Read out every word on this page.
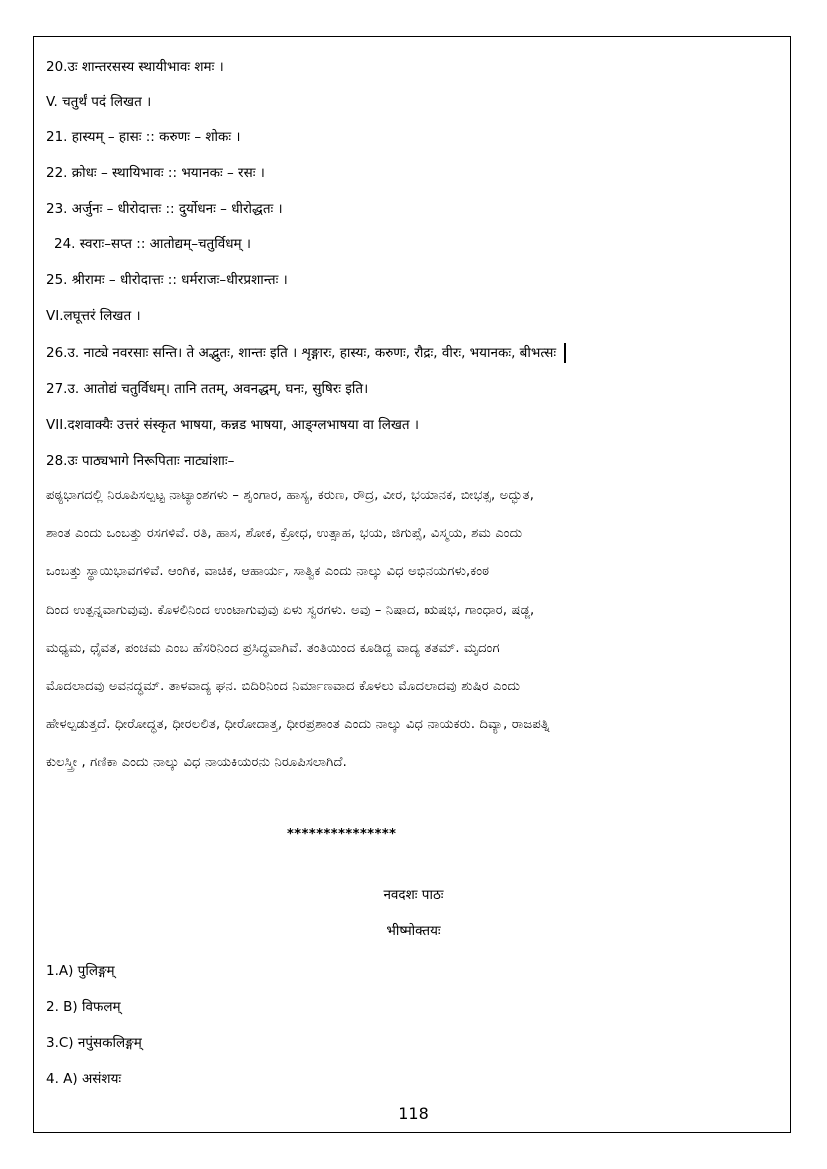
20.उः शान्तरसस्य स्थायीभावः शमः ।
V. चतुर्थं पदं लिखत ।
21. हास्यम् – हासः :: करुणः – शोकः ।
22. क्रोधः – स्थायिभावः :: भयानकः – रसः ।
23. अर्जुनः – धीरोदात्तः :: दुर्योधनः – धीरोद्धतः ।
24. स्वराः–सप्त :: आतोद्यम्–चतुर्विधम् ।
25. श्रीरामः – धीरोदात्तः :: धर्मराजः–धीरप्रशान्तः ।
VI.लघूत्तरं लिखत ।
26.उ. नाट्ये नवरसाः सन्ति। ते अद्भुतः, शान्तः इति । शृङ्गारः, हास्यः, करुणः, रौद्रः, वीरः, भयानकः, बीभत्सः
27.उ. आतोद्यं चतुर्विधम्। तानि ततम्, अवनद्धम्, घनः, सुषिरः इति।
VII.दशवाक्यैः उत्तरं संस्कृत भाषया, कन्नड भाषया, आङ्ग्लभाषया वा लिखत ।
28.उः पाठ्यभागे निरूपिताः नाट्यांशाः–
ಪಠ್ಯಭಾಗದಲ್ಲಿ ನಿರೂಪಿಸಲ್ಪಟ್ಟ ನಾಟ್ಯಾಂಶಗಳು – ಶೃಂಗಾರ, ಹಾಸ್ಯ, ಕರುಣ, ರೌದ್ರ, ವೀರ, ಭಯಾನಕ, ಬೀಭತ್ಸ, ಅದ್ಭುತ,
ಶಾಂತ ಎಂದು ಒಂಬತ್ತು ರಸಗಳಿವೆ. ರತಿ, ಹಾಸ, ಶೋಕ, ಕ್ರೋಧ, ಉತ್ಸಾಹ, ಭಯ, ಜಿಗುಪ್ಸೆ, ವಿಸ್ಮಯ, ಶಮ ಎಂದು
ಒಂಬತ್ತು ಸ್ಥಾಯಿಭಾವಗಳಿವೆ. ಆಂಗಿಕ, ವಾಚಿಕ, ಆಹಾರ್ಯ, ಸಾತ್ವಿಕ ಎಂದು ನಾಲ್ಕು ವಿಧ ಅಭಿನಯಗಳು,ಕಂಠ
ದಿಂದ ಉತ್ಪನ್ನವಾಗುವುವು. ಕೊಳಲಿನಿಂದ ಉಂಟಾಗುವುವು ಏಳು ಸ್ವರಗಳು. ಅವು – ನಿಷಾದ, ಋಷಭ, ಗಾಂಧಾರ, ಷಡ್ಜ,
ಮಧ್ಯಮ, ಧೈವತ, ಪಂಚಮ ಎಂಬ ಹೆಸರಿನಿಂದ ಪ್ರಸಿದ್ಧವಾಗಿವೆ. ತಂತಿಯಿಂದ ಕೂಡಿದ್ದ ವಾದ್ಯ ತತಮ್. ಮೃದಂಗ
ಮೊದಲಾದವು ಅವನದ್ಧಮ್. ತಾಳವಾದ್ಯ ಘನ. ಬಿದಿರಿನಿಂದ ನಿರ್ಮಾಣವಾದ ಕೊಳಲು ಮೊದಲಾದವು ಶುಷಿರ ಎಂದು
ಹೇಳಲ್ಪಡುತ್ತದೆ. ಧೀರೋದ್ಧತ, ಧೀರಲಲಿತ, ಧೀರೋದಾತ್ತ, ಧೀರಪ್ರಶಾಂತ ಎಂದು ನಾಲ್ಕು ವಿಧ ನಾಯಕರು. ದಿವ್ಯಾ, ರಾಜಪತ್ನಿ
ಕುಲಸ್ತ್ರೀ , ಗಣಿಕಾ ಎಂದು ನಾಲ್ಕು ವಿಧ ನಾಯಕಿಯರನು ನಿರೂಪಿಸಲಾಗಿದೆ.
***************
नवदशः पाठः
भीष्मोक्तयः
1.A) पुलिङ्गम्
2. B) विफलम्
3.C) नपुंसकलिङ्गम्
4. A) असंशयः
118
